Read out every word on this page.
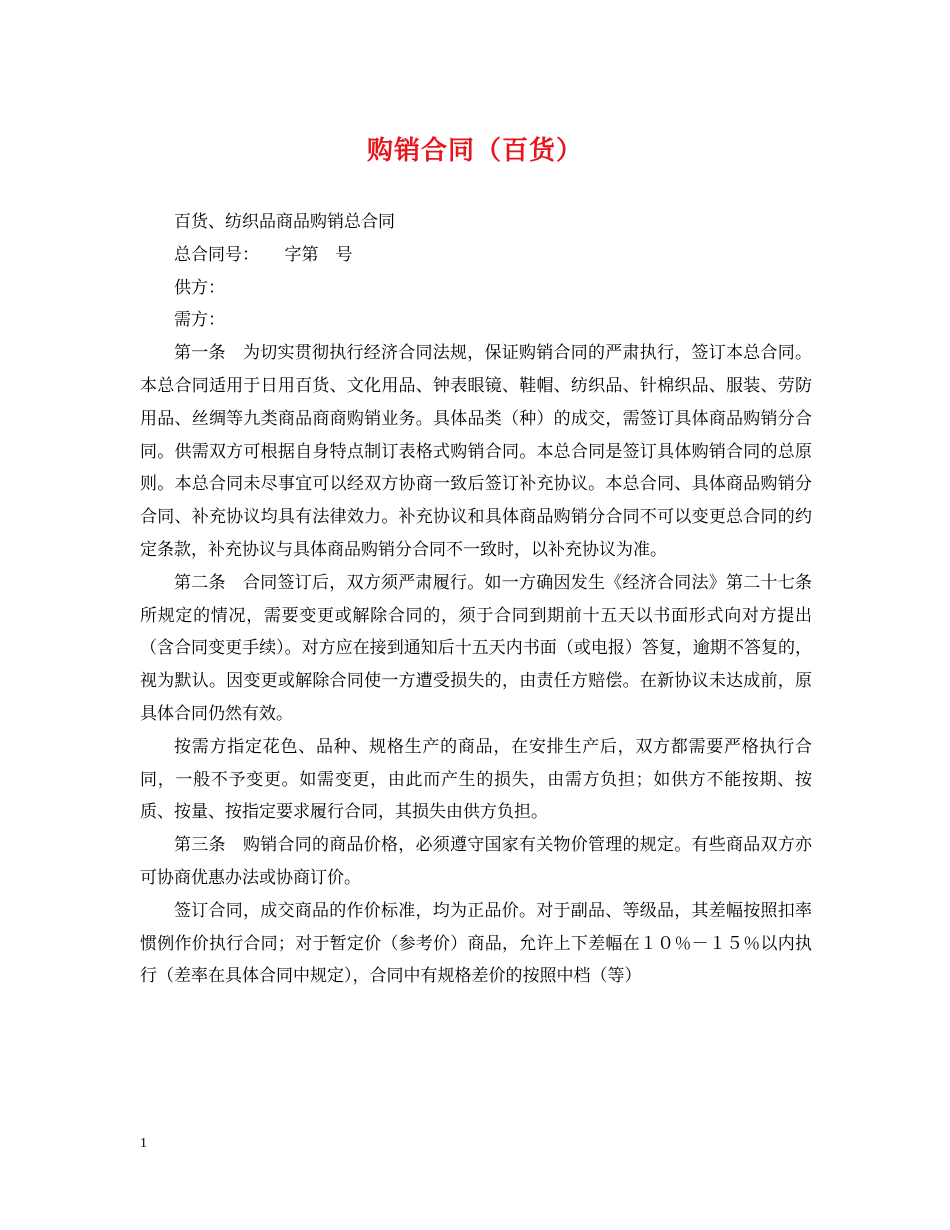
购销合同（百货）

百货、纺织品商品购销总合同

总合同号：　　字第　号

供方：

需方：

第一条　为切实贯彻执行经济合同法规，保证购销合同的严肃执行，签订本总合同。本总合同适用于日用百货、文化用品、钟表眼镜、鞋帽、纺织品、针棉织品、服装、劳防用品、丝绸等九类商品商商购销业务。具体品类（种）的成交，需签订具体商品购销分合同。供需双方可根据自身特点制订表格式购销合同。本总合同是签订具体购销合同的总原则。本总合同未尽事宜可以经双方协商一致后签订补充协议。本总合同、具体商品购销分合同、补充协议均具有法律效力。补充协议和具体商品购销分合同不可以变更总合同的约定条款，补充协议与具体商品购销分合同不一致时，以补充协议为准。

第二条　合同签订后，双方须严肃履行。如一方确因发生《经济合同法》第二十七条所规定的情况，需要变更或解除合同的，须于合同到期前十五天以书面形式向对方提出（含合同变更手续）。对方应在接到通知后十五天内书面（或电报）答复，逾期不答复的，视为默认。因变更或解除合同使一方遭受损失的，由责任方赔偿。在新协议未达成前，原具体合同仍然有效。

按需方指定花色、品种、规格生产的商品，在安排生产后，双方都需要严格执行合同，一般不予变更。如需变更，由此而产生的损失，由需方负担；如供方不能按期、按质、按量、按指定要求履行合同，其损失由供方负担。

第三条　购销合同的商品价格，必须遵守国家有关物价管理的规定。有些商品双方亦可协商优惠办法或协商订价。

签订合同，成交商品的作价标准，均为正品价。对于副品、等级品，其差幅按照扣率惯例作价执行合同；对于暂定价（参考价）商品，允许上下差幅在１０％－１５％以内执行（差率在具体合同中规定），合同中有规格差价的按照中档（等）

1
